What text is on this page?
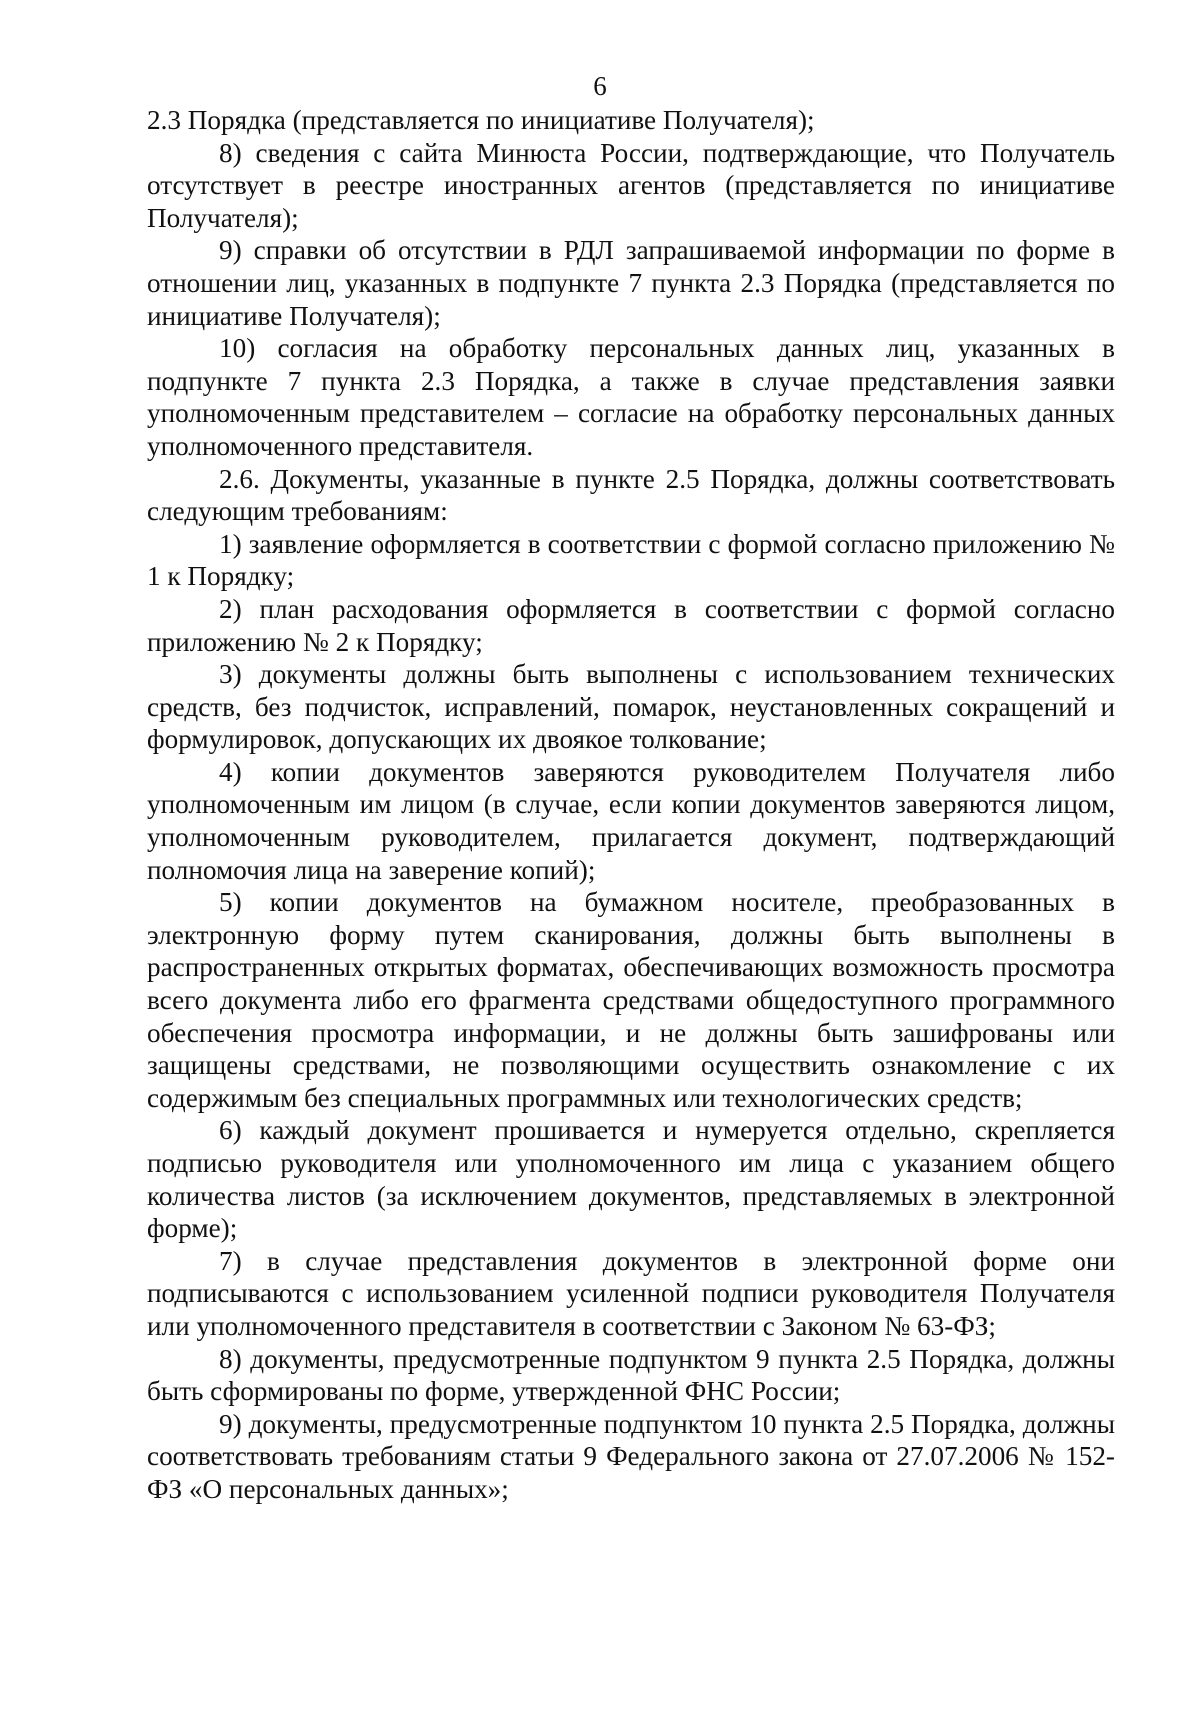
6

2.3 Порядка (представляется по инициативе Получателя);

8) сведения с сайта Минюста России, подтверждающие, что Получатель отсутствует в реестре иностранных агентов (представляется по инициативе Получателя);

9) справки об отсутствии в РДЛ запрашиваемой информации по форме в отношении лиц, указанных в подпункте 7 пункта 2.3 Порядка (представляется по инициативе Получателя);

10) согласия на обработку персональных данных лиц, указанных в подпункте 7 пункта 2.3 Порядка, а также в случае представления заявки уполномоченным представителем – согласие на обработку персональных данных уполномоченного представителя.

2.6. Документы, указанные в пункте 2.5 Порядка, должны соответствовать следующим требованиям:

1) заявление оформляется в соответствии с формой согласно приложению № 1 к Порядку;

2) план расходования оформляется в соответствии с формой согласно приложению № 2 к Порядку;

3) документы должны быть выполнены с использованием технических средств, без подчисток, исправлений, помарок, неустановленных сокращений и формулировок, допускающих их двоякое толкование;

4) копии документов заверяются руководителем Получателя либо уполномоченным им лицом (в случае, если копии документов заверяются лицом, уполномоченным руководителем, прилагается документ, подтверждающий полномочия лица на заверение копий);

5) копии документов на бумажном носителе, преобразованных в электронную форму путем сканирования, должны быть выполнены в распространенных открытых форматах, обеспечивающих возможность просмотра всего документа либо его фрагмента средствами общедоступного программного обеспечения просмотра информации, и не должны быть зашифрованы или защищены средствами, не позволяющими осуществить ознакомление с их содержимым без специальных программных или технологических средств;

6) каждый документ прошивается и нумеруется отдельно, скрепляется подписью руководителя или уполномоченного им лица с указанием общего количества листов (за исключением документов, представляемых в электронной форме);

7) в случае представления документов в электронной форме они подписываются с использованием усиленной подписи руководителя Получателя или уполномоченного представителя в соответствии с Законом № 63-ФЗ;

8) документы, предусмотренные подпунктом 9 пункта 2.5 Порядка, должны быть сформированы по форме, утвержденной ФНС России;

9) документы, предусмотренные подпунктом 10 пункта 2.5 Порядка, должны соответствовать требованиям статьи 9 Федерального закона от 27.07.2006 № 152-ФЗ «О персональных данных»;
